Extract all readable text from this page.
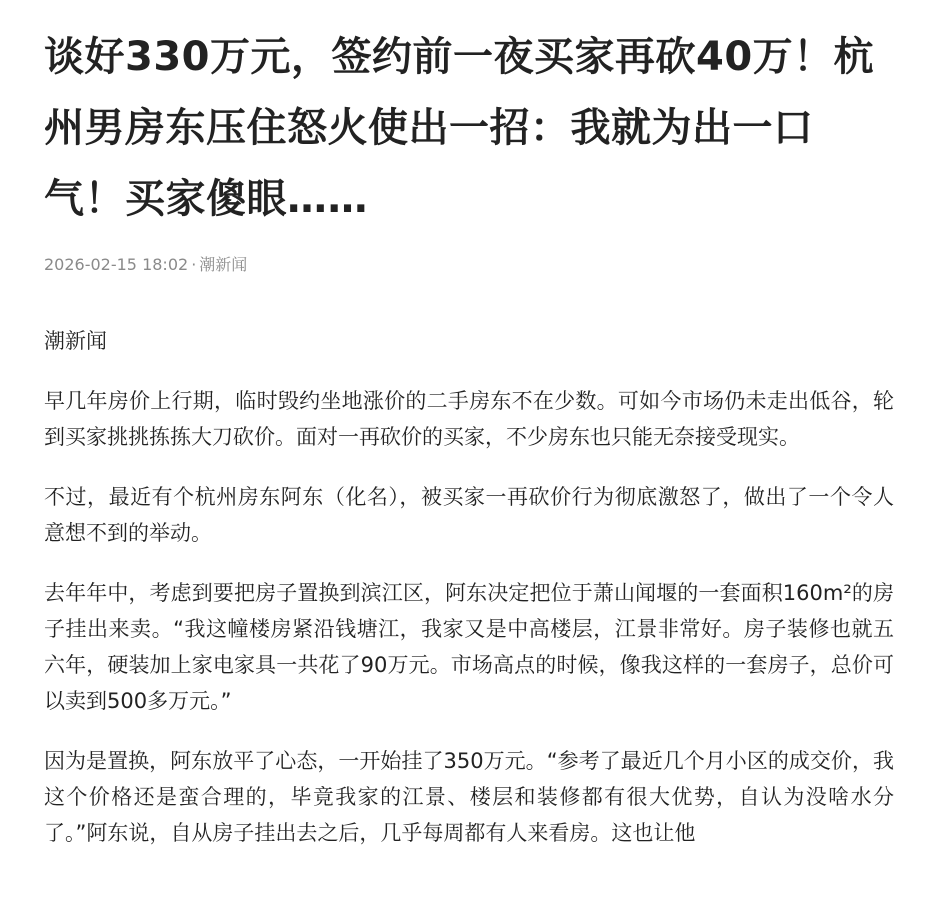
谈好330万元，签约前一夜买家再砍40万！杭州男房东压住怒火使出一招：我就为出一口气！买家傻眼……
2026-02-15 18:02 · 潮新闻

潮新闻

早几年房价上行期，临时毁约坐地涨价的二手房东不在少数。可如今市场仍未走出低谷，轮到买家挑挑拣拣大刀砍价。面对一再砍价的买家，不少房东也只能无奈接受现实。

不过，最近有个杭州房东阿东（化名），被买家一再砍价行为彻底激怒了，做出了一个令人意想不到的举动。

去年年中，考虑到要把房子置换到滨江区，阿东决定把位于萧山闻堰的一套面积160m²的房子挂出来卖。“我这幢楼房紧沿钱塘江，我家又是中高楼层，江景非常好。房子装修也就五六年，硬装加上家电家具一共花了90万元。市场高点的时候，像我这样的一套房子，总价可以卖到500多万元。”

因为是置换，阿东放平了心态，一开始挂了350万元。“参考了最近几个月小区的成交价，我这个价格还是蛮合理的，毕竟我家的江景、楼层和装修都有很大优势，自认为没啥水分了。”阿东说，自从房子挂出去之后，几乎每周都有人来看房。这也让他
